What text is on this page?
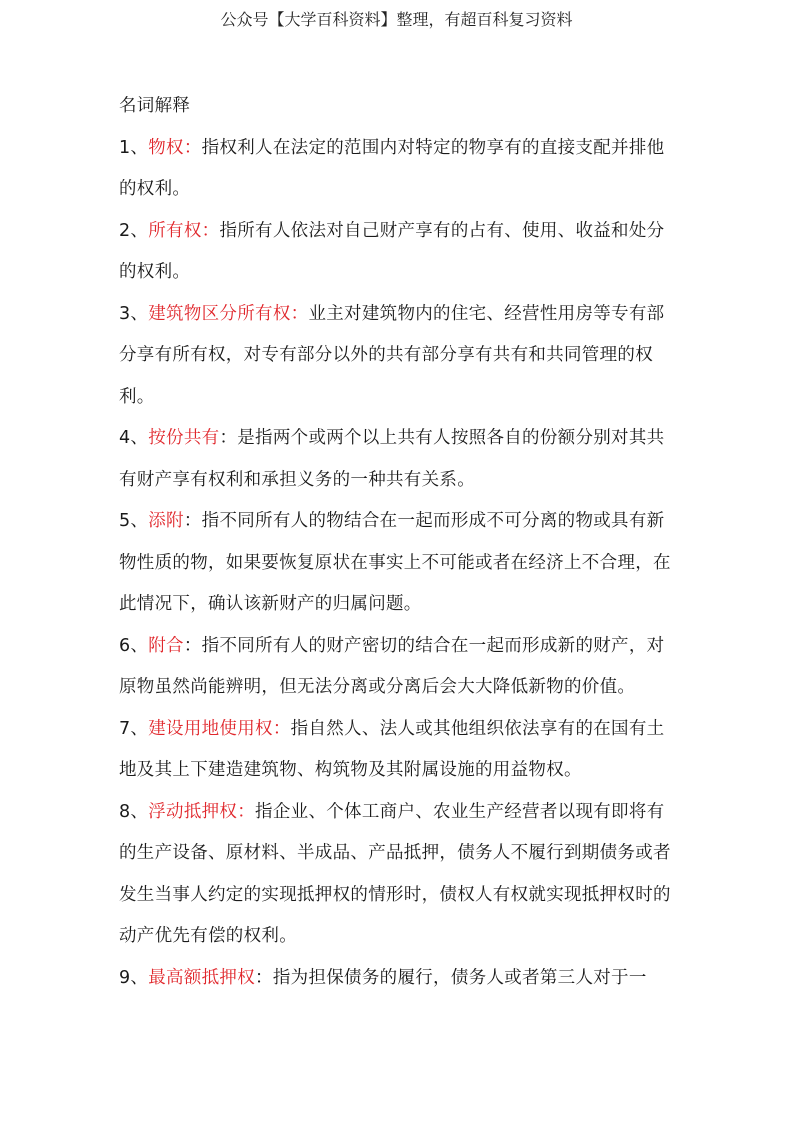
公众号【大学百科资料】整理，有超百科复习资料

名词解释

1、物权：指权利人在法定的范围内对特定的物享有的直接支配并排他的权利。

2、所有权：指所有人依法对自己财产享有的占有、使用、收益和处分的权利。

3、建筑物区分所有权：业主对建筑物内的住宅、经营性用房等专有部分享有所有权，对专有部分以外的共有部分享有共有和共同管理的权利。

4、按份共有：是指两个或两个以上共有人按照各自的份额分别对其共有财产享有权利和承担义务的一种共有关系。

5、添附：指不同所有人的物结合在一起而形成不可分离的物或具有新物性质的物，如果要恢复原状在事实上不可能或者在经济上不合理，在此情况下，确认该新财产的归属问题。

6、附合：指不同所有人的财产密切的结合在一起而形成新的财产，对原物虽然尚能辨明，但无法分离或分离后会大大降低新物的价值。

7、建设用地使用权：指自然人、法人或其他组织依法享有的在国有土地及其上下建造建筑物、构筑物及其附属设施的用益物权。

8、浮动抵押权：指企业、个体工商户、农业生产经营者以现有即将有的生产设备、原材料、半成品、产品抵押，债务人不履行到期债务或者发生当事人约定的实现抵押权的情形时，债权人有权就实现抵押权时的动产优先有偿的权利。

9、最高额抵押权：指为担保债务的履行，债务人或者第三人对于一
